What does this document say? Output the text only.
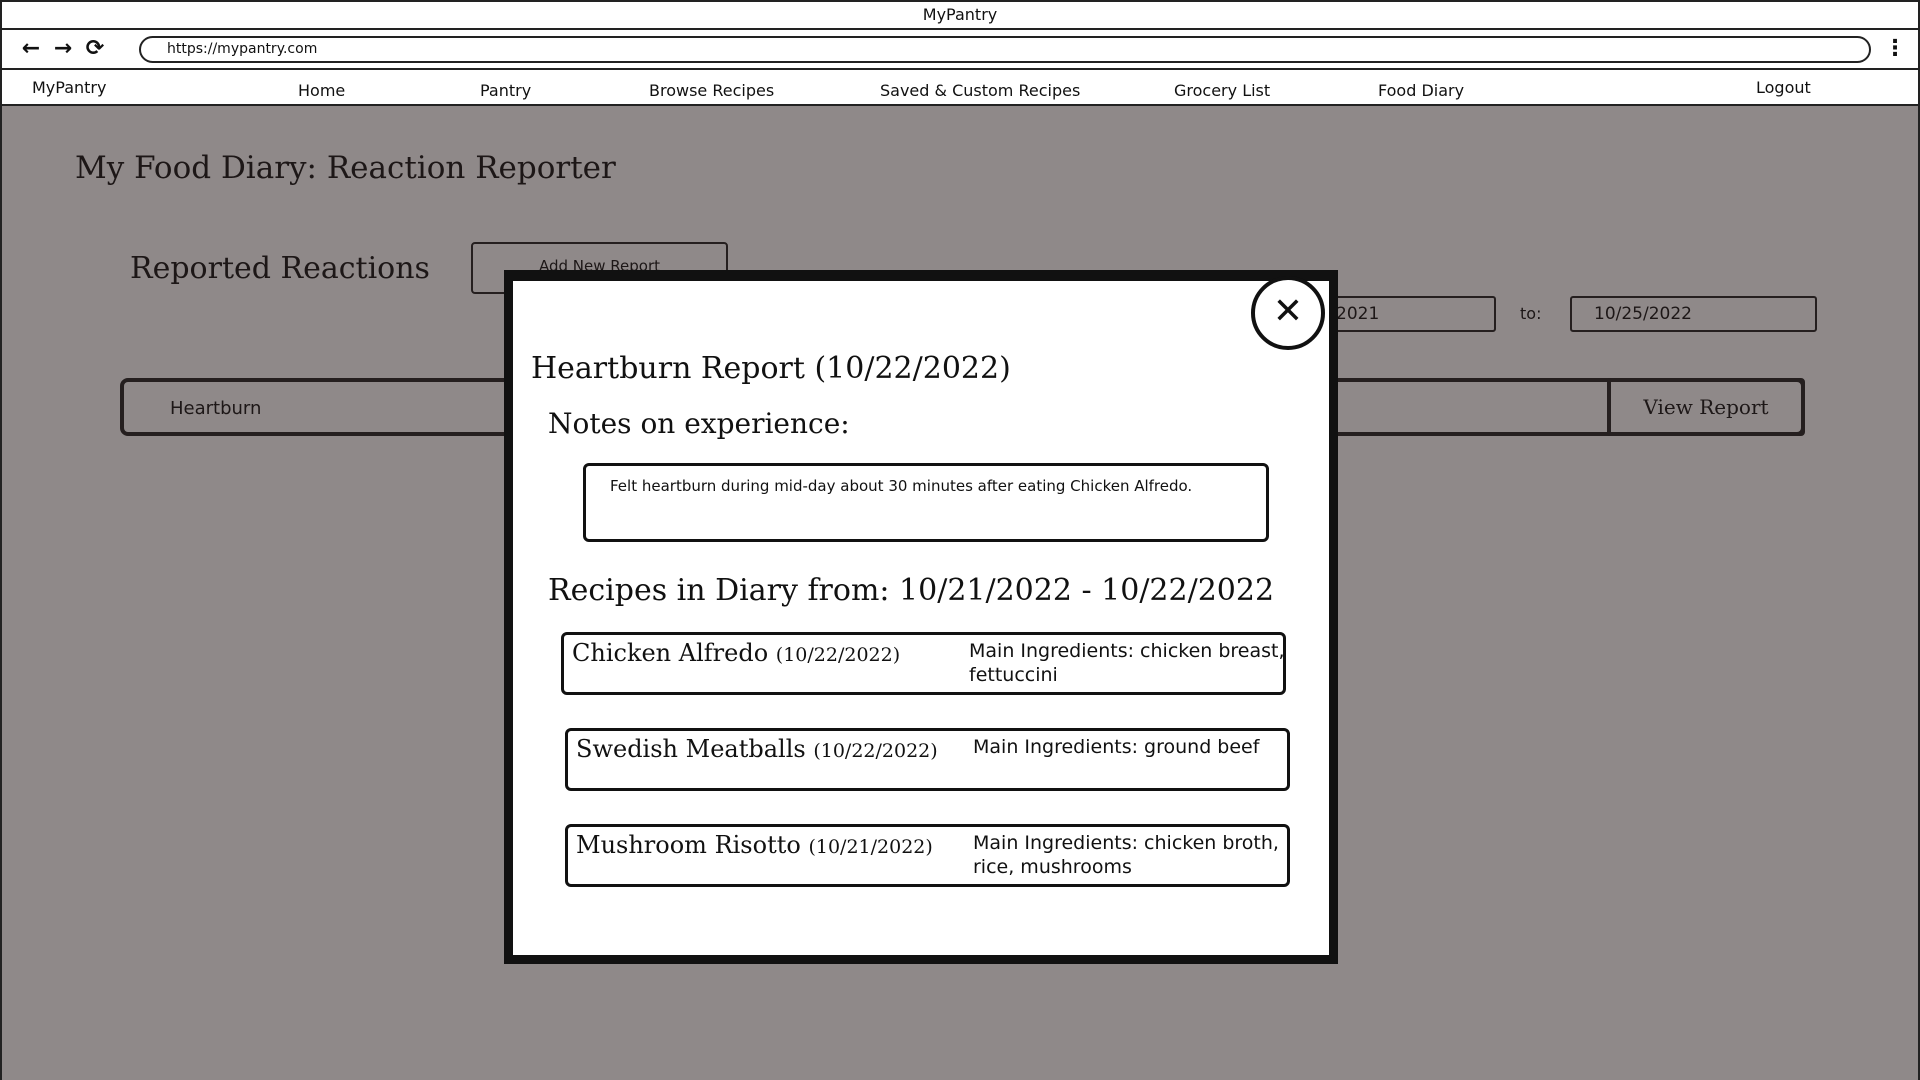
MyPantry
← → ⟳	https://mypantry.com	⋮
MyPantry	Home	Pantry	Browse Recipes	Saved & Custom Recipes	Grocery List	Food Diary	Logout
Heartburn Report (10/22/2022)
Notes on experience:
Felt heartburn during mid-day about 30 minutes after eating Chicken Alfredo.
Recipes in Diary from: 10/21/2022 - 10/22/2022
Chicken Alfredo (10/22/2022)	Main Ingredients: chicken breast, fettuccini
Swedish Meatballs (10/22/2022) Main Ingredients: ground beef
Mushroom Risotto (10/21/2022) Main Ingredients: chicken broth, rice, mushrooms
✕
